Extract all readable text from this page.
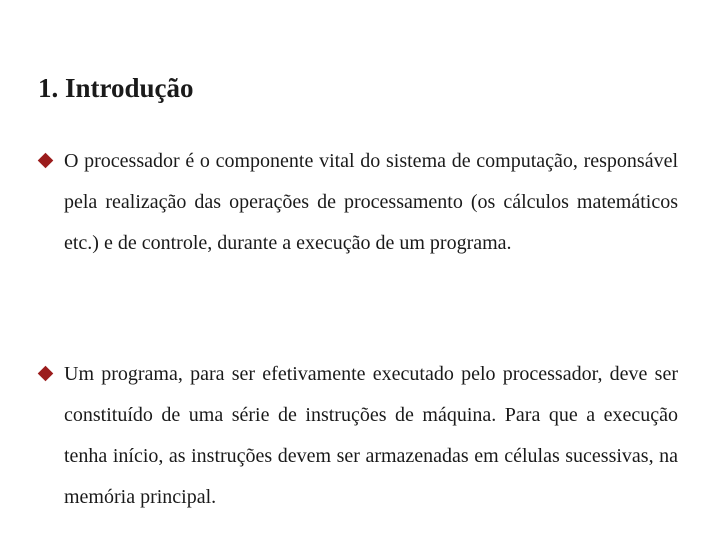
1. Introdução

O processador é o componente vital do sistema de computação, responsável pela realização das operações de processamento (os cálculos matemáticos etc.) e de controle, durante a execução de um programa.

Um programa, para ser efetivamente executado pelo processador, deve ser constituído de uma série de instruções de máquina. Para que a execução tenha início, as instruções devem ser armazenadas em células sucessivas, na memória principal.
